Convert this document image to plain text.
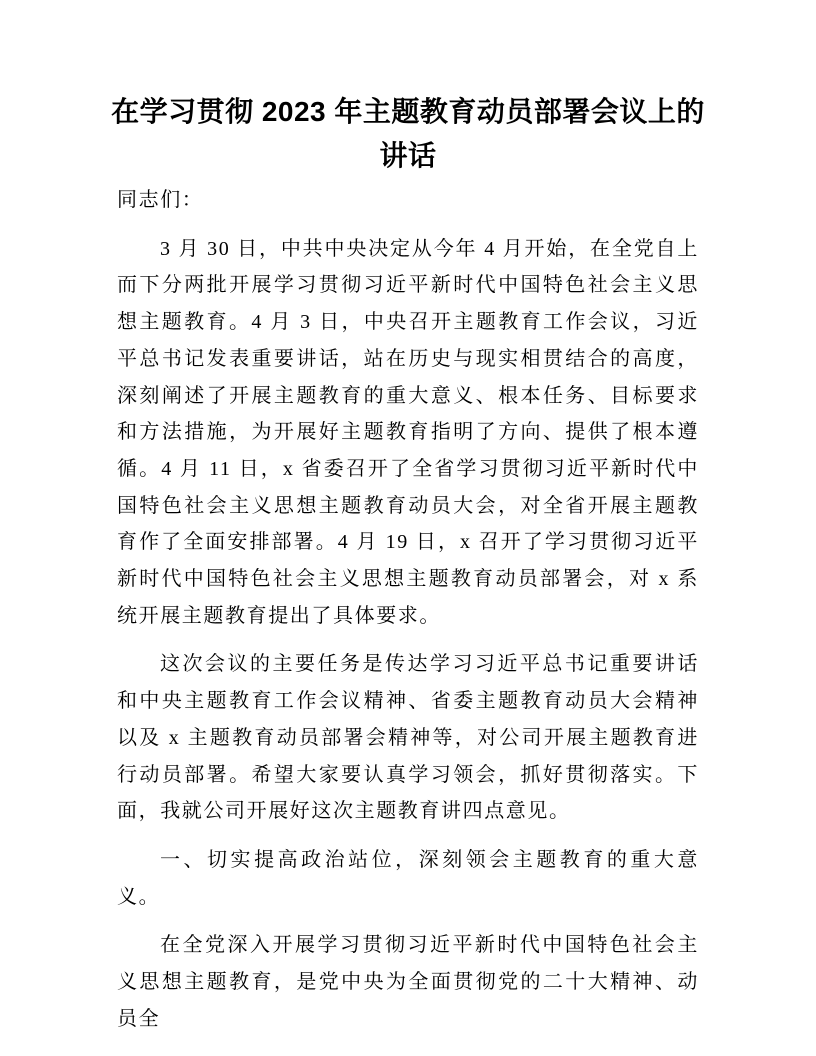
在学习贯彻 2023 年主题教育动员部署会议上的讲话

同志们：

3 月 30 日，中共中央决定从今年 4 月开始，在全党自上而下分两批开展学习贯彻习近平新时代中国特色社会主义思想主题教育。4 月 3 日，中央召开主题教育工作会议，习近平总书记发表重要讲话，站在历史与现实相贯结合的高度，深刻阐述了开展主题教育的重大意义、根本任务、目标要求和方法措施，为开展好主题教育指明了方向、提供了根本遵循。4 月 11 日，x 省委召开了全省学习贯彻习近平新时代中国特色社会主义思想主题教育动员大会，对全省开展主题教育作了全面安排部署。4 月 19 日，x 召开了学习贯彻习近平新时代中国特色社会主义思想主题教育动员部署会，对 x 系统开展主题教育提出了具体要求。

这次会议的主要任务是传达学习习近平总书记重要讲话和中央主题教育工作会议精神、省委主题教育动员大会精神以及 x 主题教育动员部署会精神等，对公司开展主题教育进行动员部署。希望大家要认真学习领会，抓好贯彻落实。下面，我就公司开展好这次主题教育讲四点意见。

一、切实提高政治站位，深刻领会主题教育的重大意义。

在全党深入开展学习贯彻习近平新时代中国特色社会主义思想主题教育，是党中央为全面贯彻党的二十大精神、动员全
